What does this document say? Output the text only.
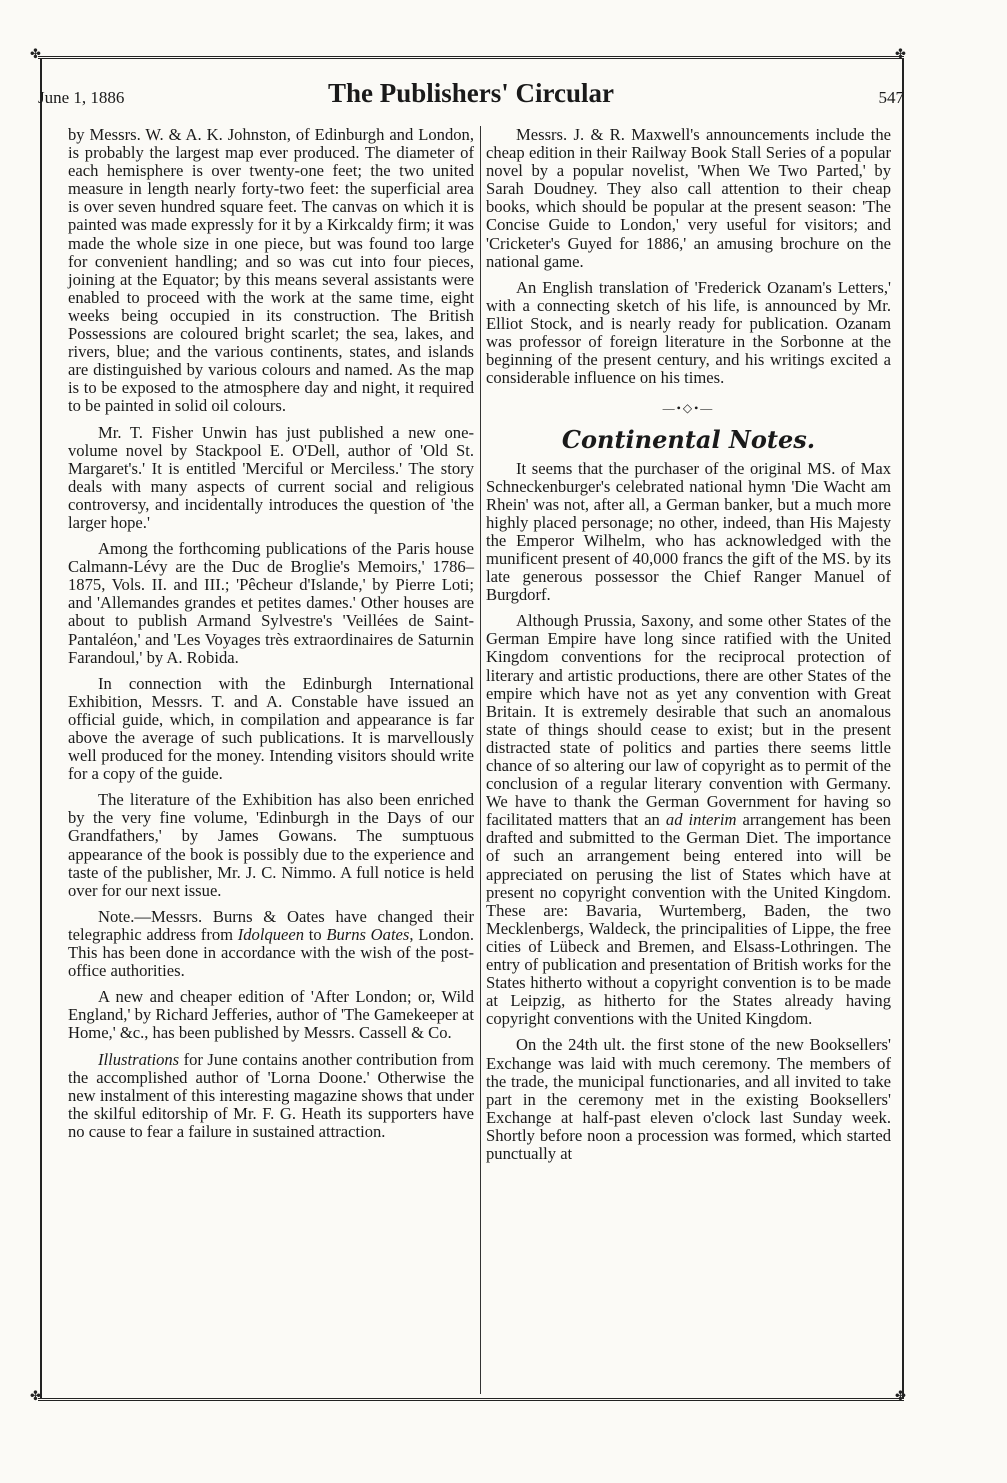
✤	✤
June 1, 1886	The Publishers' Circular	547

by Messrs. W. & A. K. Johnston, of Edinburgh and London, is probably the largest map ever produced. The diameter of each hemisphere is over twenty-one feet; the two united measure in length nearly forty-two feet: the superficial area is over seven hundred square feet. The canvas on which it is painted was made expressly for it by a Kirkcaldy firm; it was made the whole size in one piece, but was found too large for convenient handling; and so was cut into four pieces, joining at the Equator; by this means several assistants were enabled to proceed with the work at the same time, eight weeks being occupied in its construction. The British Possessions are coloured bright scarlet; the sea, lakes, and rivers, blue; and the various continents, states, and islands are distinguished by various colours and named. As the map is to be exposed to the atmosphere day and night, it required to be painted in solid oil colours.

Mr. T. Fisher Unwin has just published a new one-volume novel by Stackpool E. O'Dell, author of 'Old St. Margaret's.' It is entitled 'Merciful or Merciless.' The story deals with many aspects of current social and religious controversy, and incidentally introduces the question of 'the larger hope.'

Among the forthcoming publications of the Paris house Calmann-Lévy are the Duc de Broglie's Memoirs,' 1786–1875, Vols. II. and III.; 'Pêcheur d'Islande,' by Pierre Loti; and 'Allemandes grandes et petites dames.' Other houses are about to publish Armand Sylvestre's 'Veillées de Saint-Pantaléon,' and 'Les Voyages très extraordinaires de Saturnin Farandoul,' by A. Robida.

In connection with the Edinburgh International Exhibition, Messrs. T. and A. Constable have issued an official guide, which, in compilation and appearance is far above the average of such publications. It is marvellously well produced for the money. Intending visitors should write for a copy of the guide.

The literature of the Exhibition has also been enriched by the very fine volume, 'Edinburgh in the Days of our Grandfathers,' by James Gowans. The sumptuous appearance of the book is possibly due to the experience and taste of the publisher, Mr. J. C. Nimmo. A full notice is held over for our next issue.

Note.—Messrs. Burns & Oates have changed their telegraphic address from Idolqueen to Burns Oates, London. This has been done in accordance with the wish of the post-office authorities.

A new and cheaper edition of 'After London; or, Wild England,' by Richard Jefferies, author of 'The Gamekeeper at Home,' &c., has been published by Messrs. Cassell & Co.

Illustrations for June contains another contribution from the accomplished author of 'Lorna Doone.' Otherwise the new instalment of this interesting magazine shows that under the skilful editorship of Mr. F. G. Heath its supporters have no cause to fear a failure in sustained attraction.

Messrs. J. & R. Maxwell's announcements include the cheap edition in their Railway Book Stall Series of a popular novel by a popular novelist, 'When We Two Parted,' by Sarah Doudney. They also call attention to their cheap books, which should be popular at the present season: 'The Concise Guide to London,' very useful for visitors; and 'Cricketer's Guyed for 1886,' an amusing brochure on the national game.

An English translation of 'Frederick Ozanam's Letters,' with a connecting sketch of his life, is announced by Mr. Elliot Stock, and is nearly ready for publication. Ozanam was professor of foreign literature in the Sorbonne at the beginning of the present century, and his writings excited a considerable influence on his times.

—•◇•—
Continental Notes.

It seems that the purchaser of the original MS. of Max Schneckenburger's celebrated national hymn 'Die Wacht am Rhein' was not, after all, a German banker, but a much more highly placed personage; no other, indeed, than His Majesty the Emperor Wilhelm, who has acknowledged with the munificent present of 40,000 francs the gift of the MS. by its late generous possessor the Chief Ranger Manuel of Burgdorf.

Although Prussia, Saxony, and some other States of the German Empire have long since ratified with the United Kingdom conventions for the reciprocal protection of literary and artistic productions, there are other States of the empire which have not as yet any convention with Great Britain. It is extremely desirable that such an anomalous state of things should cease to exist; but in the present distracted state of politics and parties there seems little chance of so altering our law of copyright as to permit of the conclusion of a regular literary convention with Germany. We have to thank the German Government for having so facilitated matters that an ad interim arrangement has been drafted and submitted to the German Diet. The importance of such an arrangement being entered into will be appreciated on perusing the list of States which have at present no copyright convention with the United Kingdom. These are: Bavaria, Wurtemberg, Baden, the two Mecklenbergs, Waldeck, the principalities of Lippe, the free cities of Lübeck and Bremen, and Elsass-Lothringen. The entry of publication and presentation of British works for the States hitherto without a copyright convention is to be made at Leipzig, as hitherto for the States already having copyright conventions with the United Kingdom.

On the 24th ult. the first stone of the new Booksellers' Exchange was laid with much ceremony. The members of the trade, the municipal functionaries, and all invited to take part in the ceremony met in the existing Booksellers' Exchange at half-past eleven o'clock last Sunday week. Shortly before noon a procession was formed, which started punctually at

✤	✤
